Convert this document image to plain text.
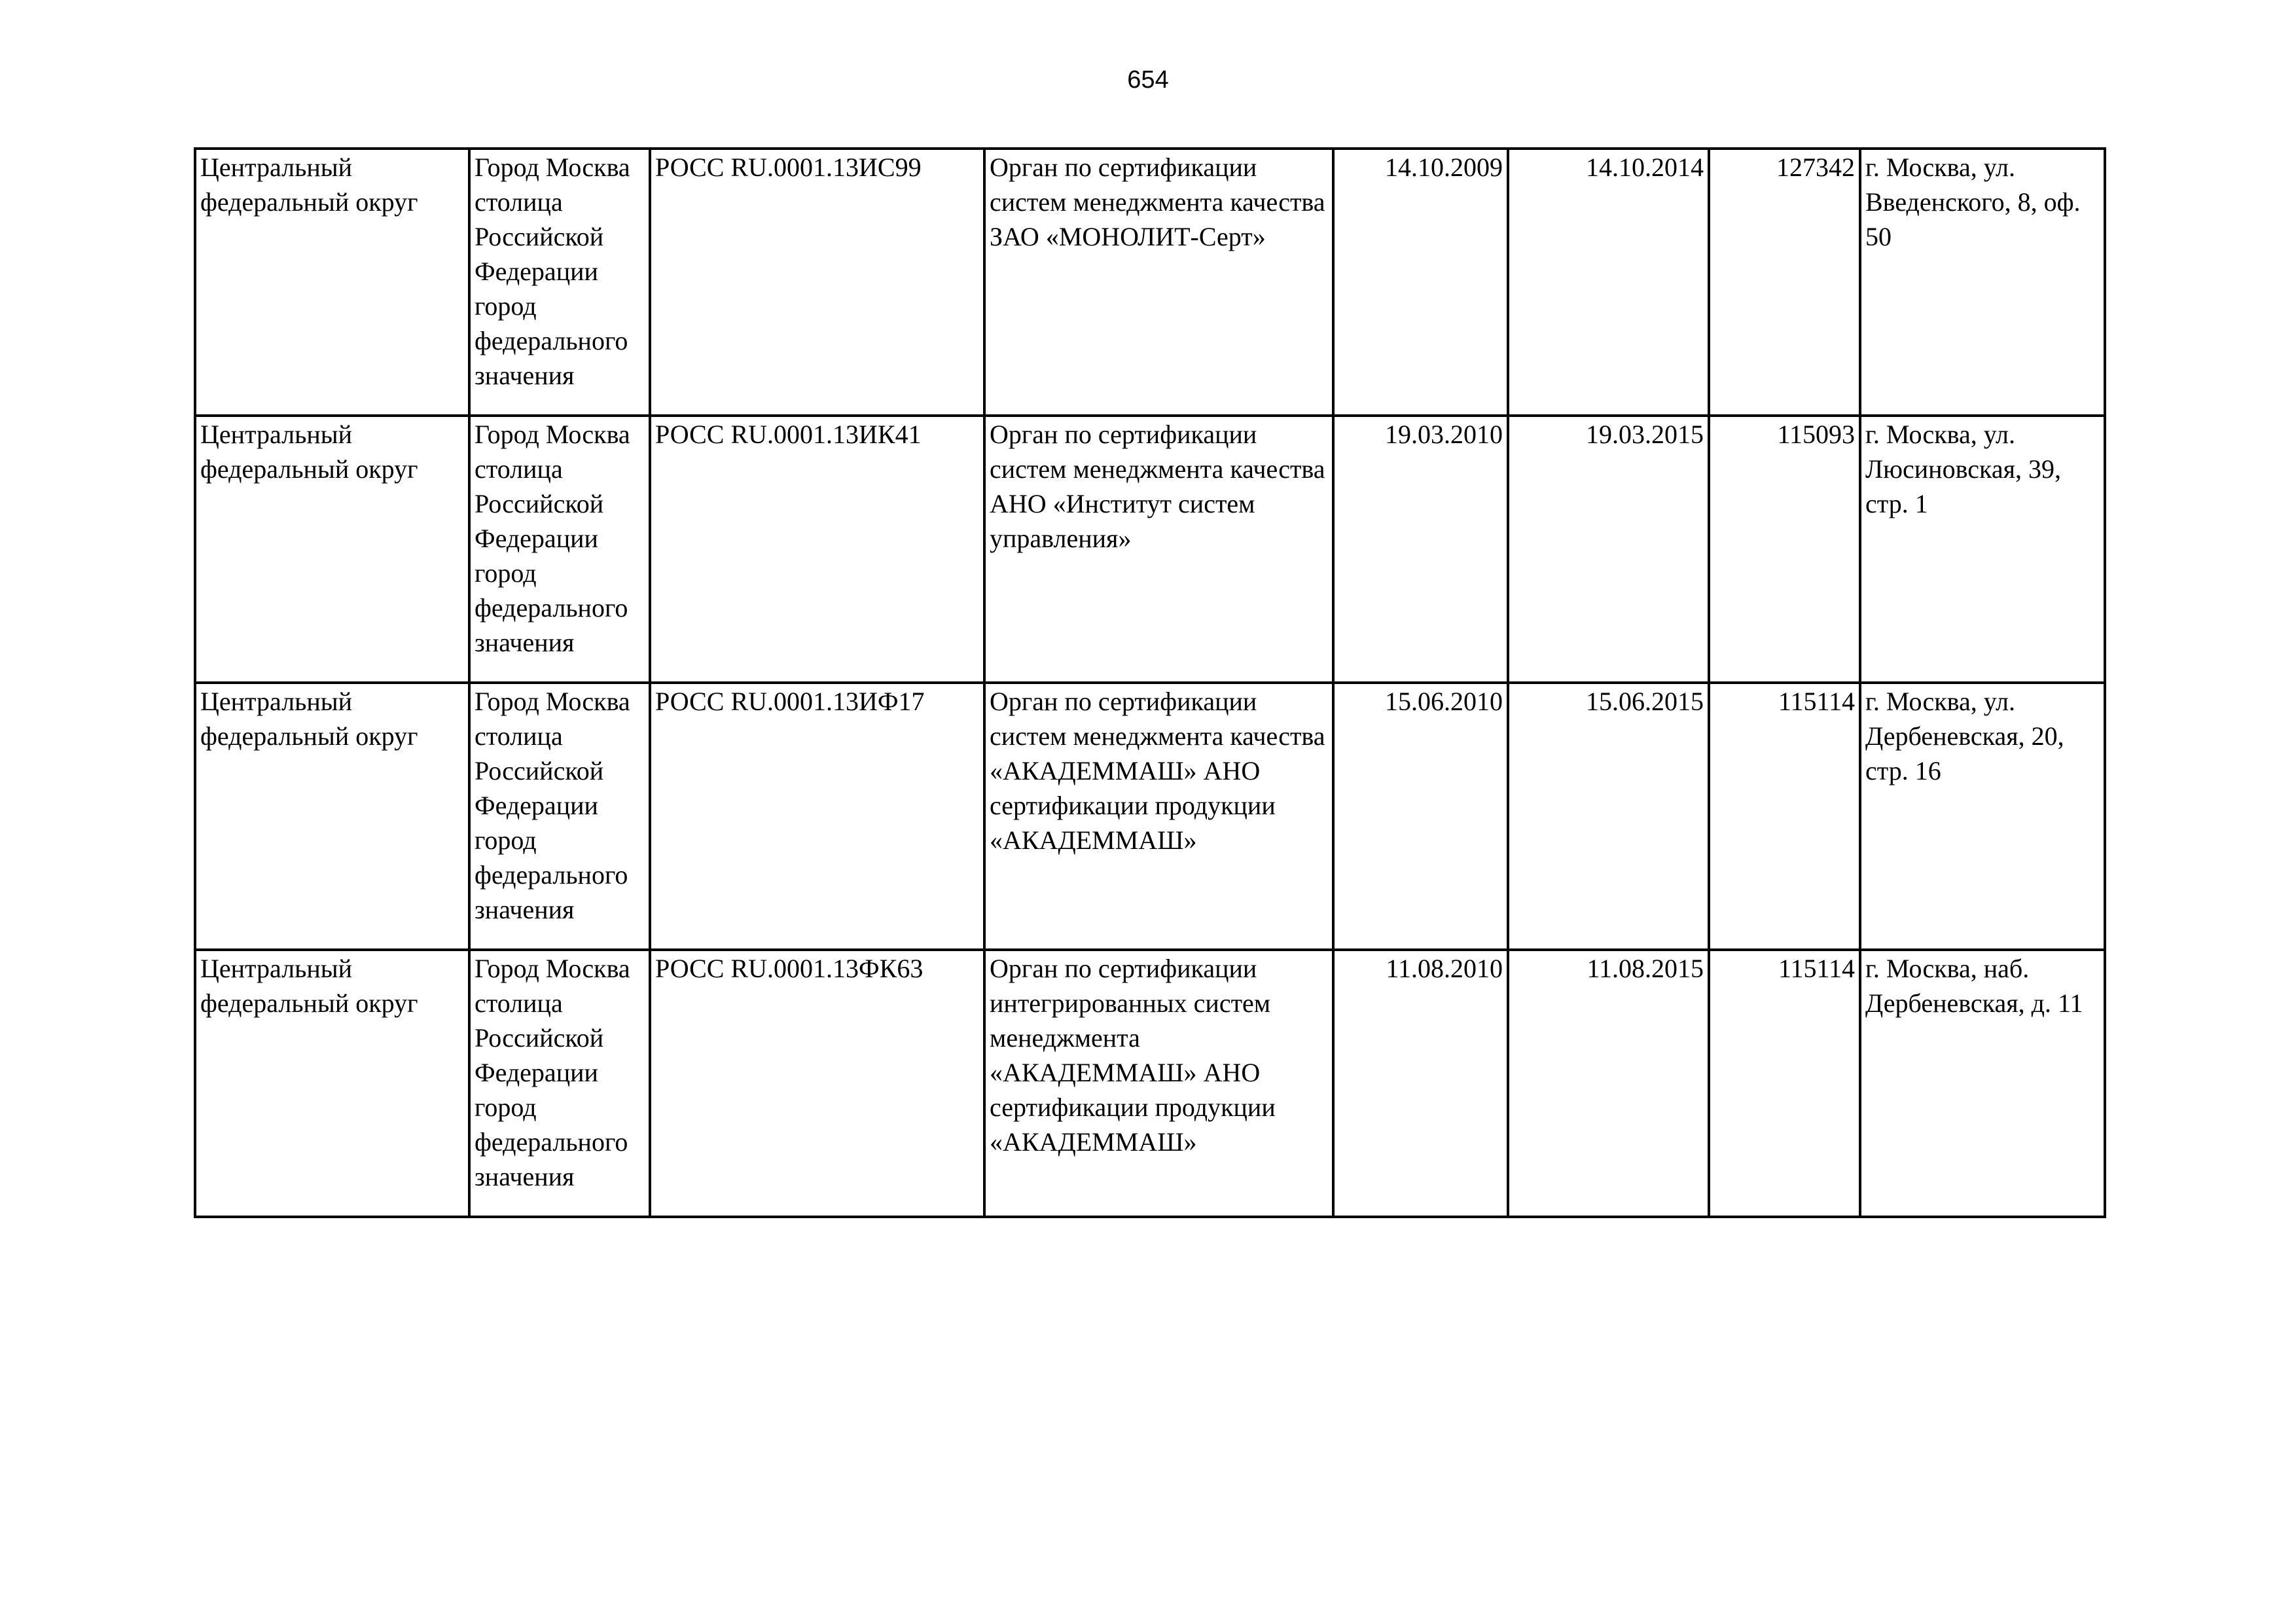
654
Центральный федеральный округ	Город Москва столица Российской Федерации город федерального значения	РОСС RU.0001.13ИС99	Орган по сертификации систем менеджмента качества ЗАО «МОНОЛИТ-Серт»	14.10.2009	14.10.2014	127342	г. Москва, ул. Введенского, 8, оф. 50

Центральный федеральный округ	Город Москва столица Российской Федерации город федерального значения	РОСС RU.0001.13ИК41	Орган по сертификации систем менеджмента качества АНО «Институт систем управления»	19.03.2010	19.03.2015	115093	г. Москва, ул. Люсиновская, 39, стр. 1

Центральный федеральный округ	Город Москва столица Российской Федерации город федерального значения	РОСС RU.0001.13ИФ17	Орган по сертификации систем менеджмента качества «АКАДЕММАШ» АНО сертификации продукции «АКАДЕММАШ»	15.06.2010	15.06.2015	115114	г. Москва, ул. Дербеневская, 20, стр. 16

Центральный федеральный округ	Город Москва столица Российской Федерации город федерального значения	РОСС RU.0001.13ФК63	Орган по сертификации интегрированных систем менеджмента «АКАДЕММАШ» АНО сертификации продукции «АКАДЕММАШ»	11.08.2010	11.08.2015	115114	г. Москва, наб. Дербеневская, д. 11
